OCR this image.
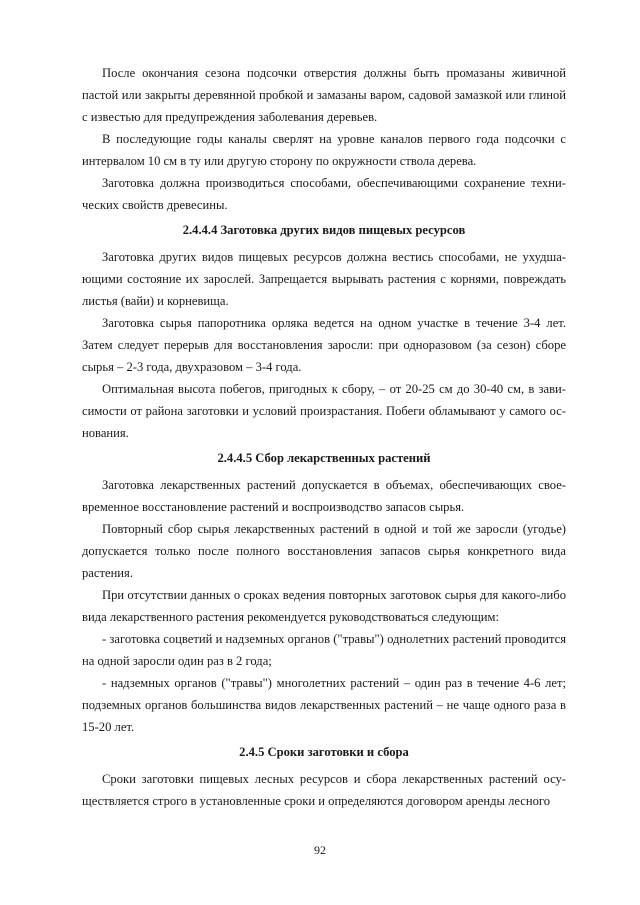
После окончания сезона подсочки отверстия должны быть промазаны живичной пастой или закрыты деревянной пробкой и замазаны варом, садовой замазкой или глиной с известью для предупреждения заболевания деревьев.

В последующие годы каналы сверлят на уровне каналов первого года подсочки с интервалом 10 см в ту или другую сторону по окружности ствола дерева.

Заготовка должна производиться способами, обеспечивающими сохранение технических свойств древесины.

2.4.4.4 Заготовка других видов пищевых ресурсов

Заготовка других видов пищевых ресурсов должна вестись способами, не ухудшающими состояние их зарослей. Запрещается вырывать растения с корнями, повреждать листья (вайи) и корневища.

Заготовка сырья папоротника орляка ведется на одном участке в течение 3-4 лет. Затем следует перерыв для восстановления заросли: при одноразовом (за сезон) сборе сырья – 2-3 года, двухразовом – 3-4 года.

Оптимальная высота побегов, пригодных к сбору, – от 20-25 см до 30-40 см, в зависимости от района заготовки и условий произрастания. Побеги обламывают у самого основания.

2.4.4.5 Сбор лекарственных растений

Заготовка лекарственных растений допускается в объемах, обеспечивающих своевременное восстановление растений и воспроизводство запасов сырья.

Повторный сбор сырья лекарственных растений в одной и той же заросли (угодье) допускается только после полного восстановления запасов сырья конкретного вида растения.

При отсутствии данных о сроках ведения повторных заготовок сырья для какого-либо вида лекарственного растения рекомендуется руководствоваться следующим:

- заготовка соцветий и надземных органов ("травы") однолетних растений проводится на одной заросли один раз в 2 года;

- надземных органов ("травы") многолетних растений – один раз в течение 4-6 лет; подземных органов большинства видов лекарственных растений – не чаще одного раза в 15-20 лет.

2.4.5 Сроки заготовки и сбора

Сроки заготовки пищевых лесных ресурсов и сбора лекарственных растений осуществляется строго в установленные сроки и определяются договором аренды лесного

92
